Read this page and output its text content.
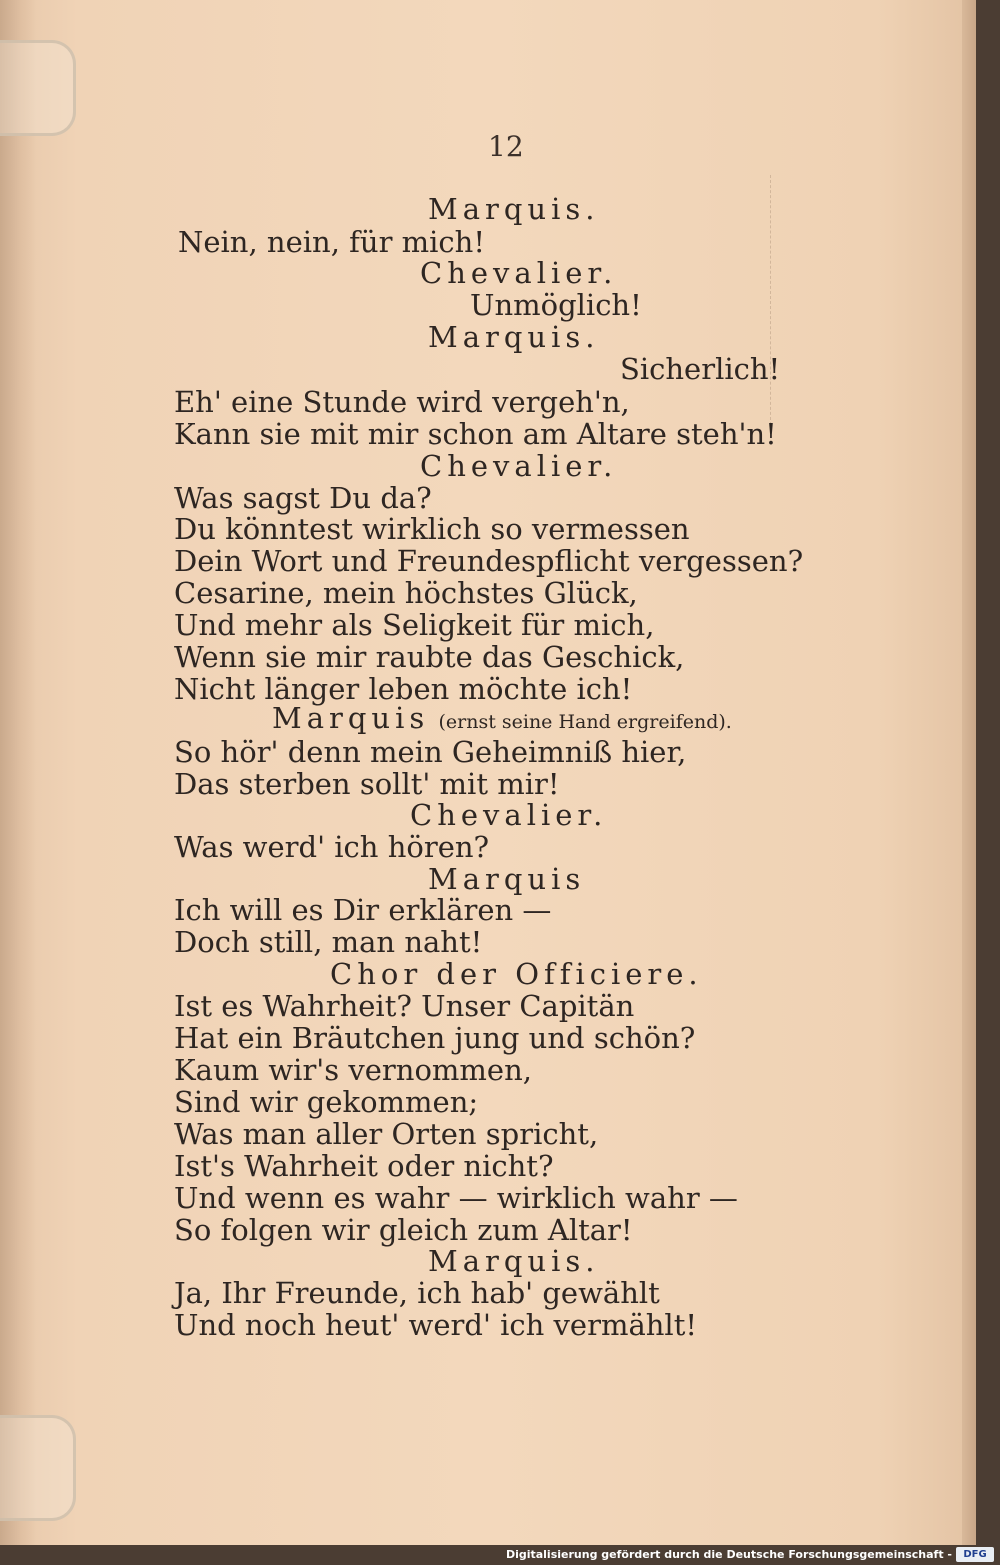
12
Marquis.
Nein, nein, für mich!
Chevalier.
Unmöglich!
Marquis.
Sicherlich!
Eh' eine Stunde wird vergeh'n,
Kann sie mit mir schon am Altare steh'n!
Chevalier.
Was sagst Du da?
Du könntest wirklich so vermessen
Dein Wort und Freundespflicht vergessen?
Cesarine, mein höchstes Glück,
Und mehr als Seligkeit für mich,
Wenn sie mir raubte das Geschick,
Nicht länger leben möchte ich!
Marquis (ernst seine Hand ergreifend).
So hör' denn mein Geheimniß hier,
Das sterben sollt' mit mir!
Chevalier.
Was werd' ich hören?
Marquis
Ich will es Dir erklären —
Doch still, man naht!
Chor der Officiere.
Ist es Wahrheit? Unser Capitän
Hat ein Bräutchen jung und schön?
Kaum wir's vernommen,
Sind wir gekommen;
Was man aller Orten spricht,
Ist's Wahrheit oder nicht?
Und wenn es wahr — wirklich wahr —
So folgen wir gleich zum Altar!
Marquis.
Ja, Ihr Freunde, ich hab' gewählt
Und noch heut' werd' ich vermählt!
Digitalisierung gefördert durch die Deutsche Forschungsgemeinschaft -	DFG
